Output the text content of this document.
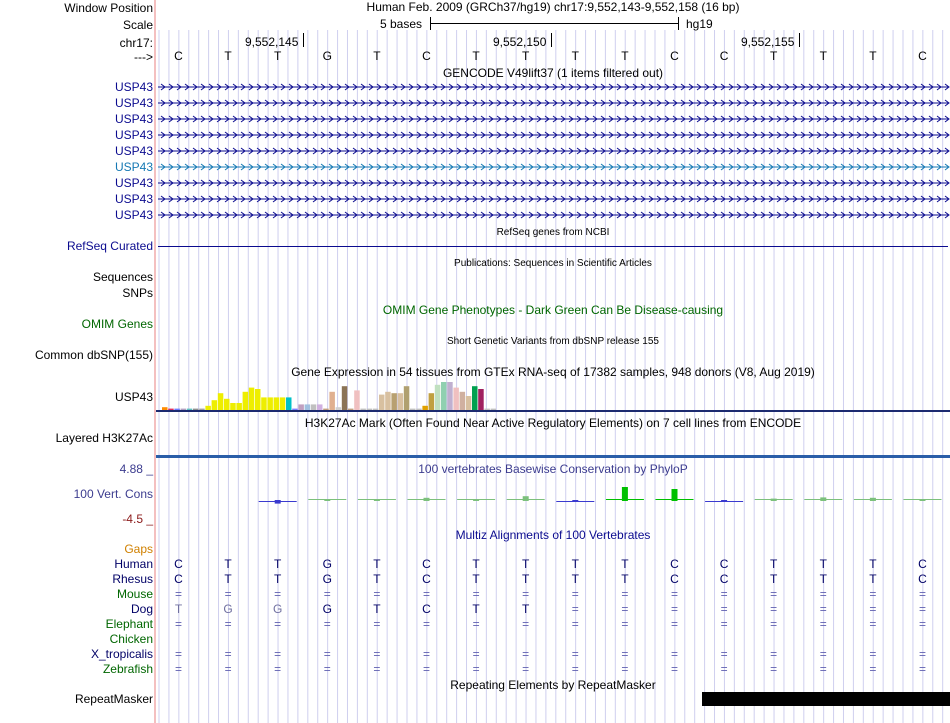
Window Position	Human Feb. 2009 (GRCh37/hg19) chr17:9,552,143-9,552,158 (16 bp)
Scale	5 bases	hg19
chr17:	9,552,145	9,552,150	9,552,155
--->	C	T	T	G	T	C	T	T	T	T	C	C	T	T	T	C
GENCODE V49lift37 (1 items filtered out)
USP43
USP43
USP43
USP43
USP43
USP43
USP43
USP43
USP43
RefSeq genes from NCBI
RefSeq Curated
Publications: Sequences in Scientific Articles
Sequences
SNPs
OMIM Gene Phenotypes - Dark Green Can Be Disease-causing
OMIM Genes
Short Genetic Variants from dbSNP release 155
Common dbSNP(155)
Gene Expression in 54 tissues from GTEx RNA-seq of 17382 samples, 948 donors (V8, Aug 2019)
USP43
H3K27Ac Mark (Often Found Near Active Regulatory Elements) on 7 cell lines from ENCODE
Layered H3K27Ac
100 vertebrates Basewise Conservation by PhyloP
4.88 _
100 Vert. Cons
-4.5 _
Multiz Alignments of 100 Vertebrates
Gaps
Human	C	T	T	G	T	C	T	T	T	T	C	C	T	T	T	C
Rhesus	C	T	T	G	T	C	T	T	T	T	C	C	T	T	T	C
Mouse	=	=	=	=	=	=	=	=	=	=	=	=	=	=	=	=
Dog	T	G	G	G	T	C	T	T	=	=	=	=	=	=	=	=
Elephant	=	=	=	=	=	=	=	=	=	=	=	=	=	=	=	=
Chicken
X_tropicalis	=	=	=	=	=	=	=	=	=	=	=	=	=	=	=	=
Zebrafish	=	=	=	=	=	=	=	=	=	=	=	=	=	=	=	=
Repeating Elements by RepeatMasker
RepeatMasker
